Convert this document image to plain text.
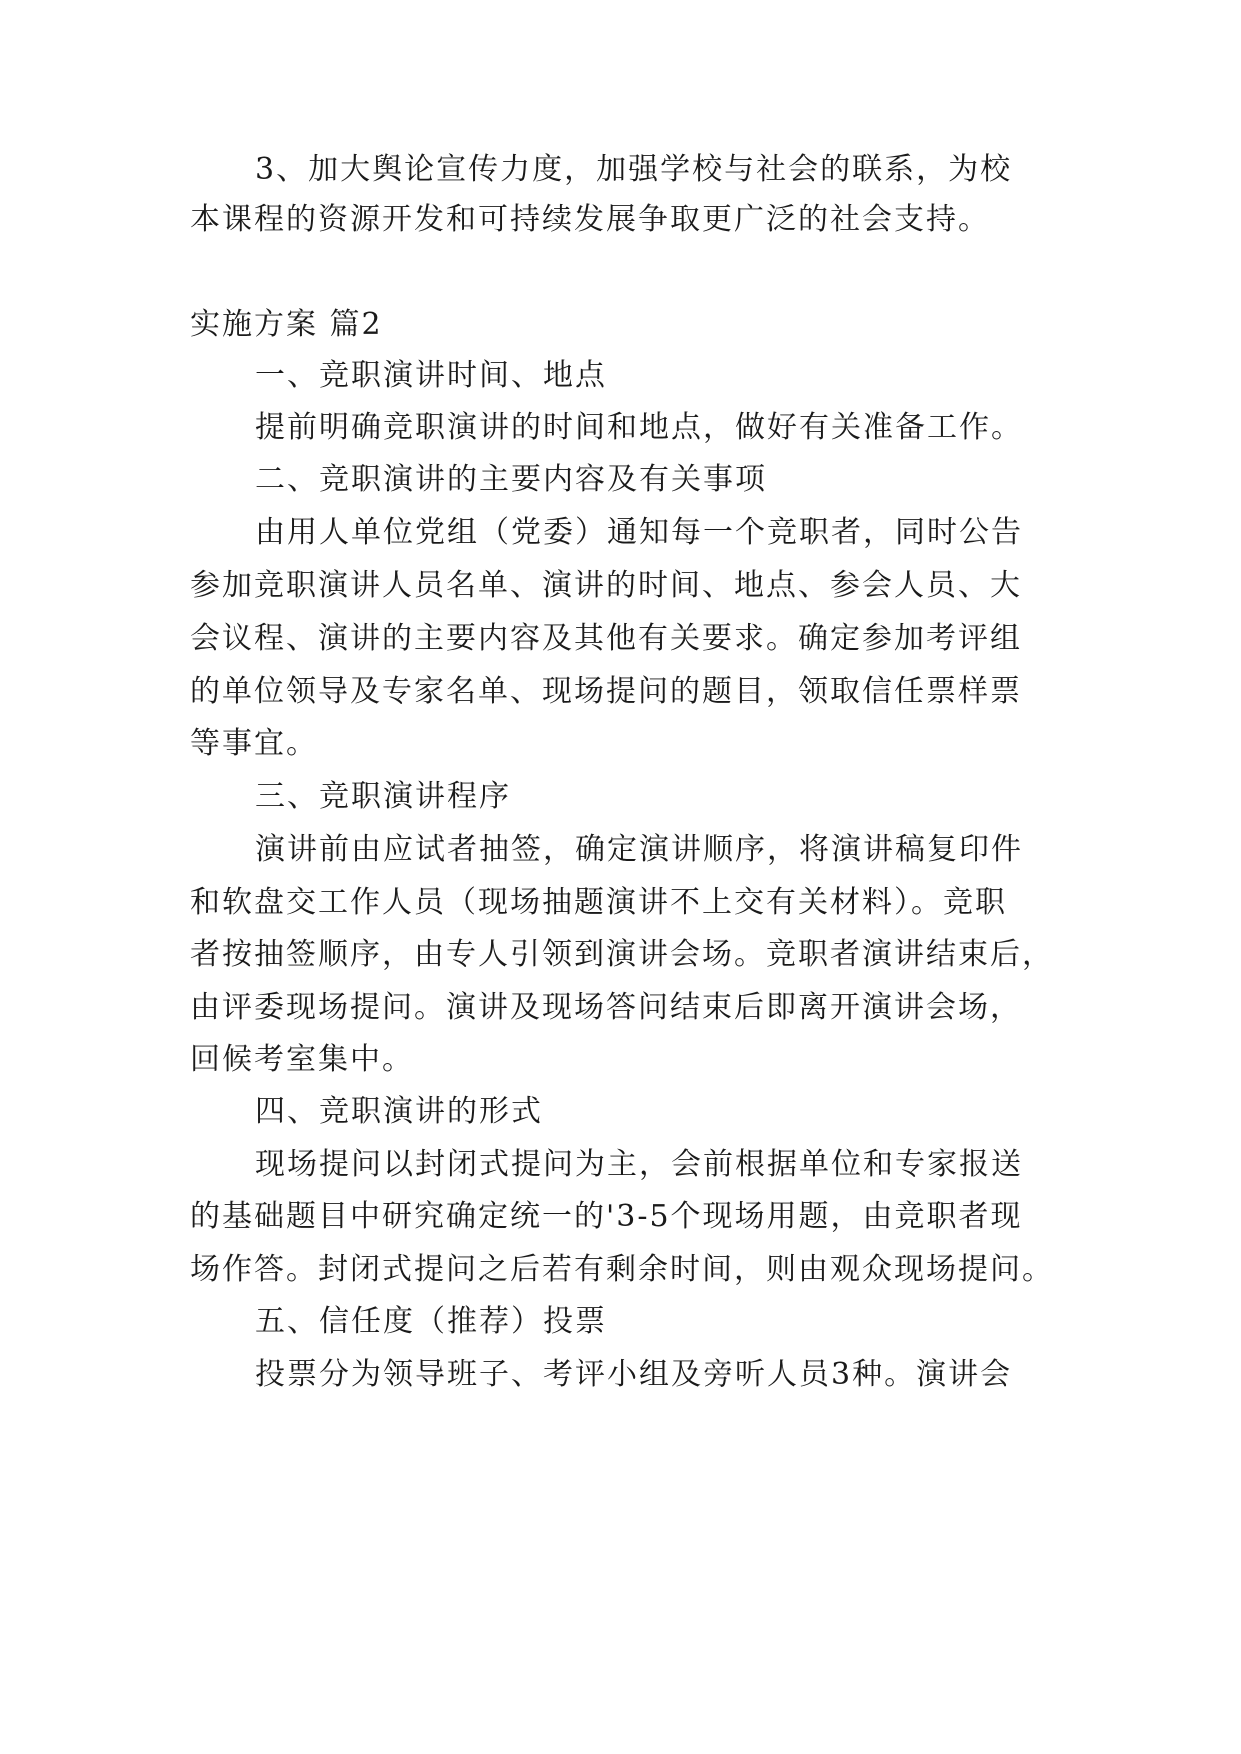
3、加大舆论宣传力度，加强学校与社会的联系，为校
本课程的资源开发和可持续发展争取更广泛的社会支持。
实施方案 篇2
一、竞职演讲时间、地点
提前明确竞职演讲的时间和地点，做好有关准备工作。
二、竞职演讲的主要内容及有关事项
由用人单位党组（党委）通知每一个竞职者，同时公告
参加竞职演讲人员名单、演讲的时间、地点、参会人员、大
会议程、演讲的主要内容及其他有关要求。确定参加考评组
的单位领导及专家名单、现场提问的题目，领取信任票样票
等事宜。
三、竞职演讲程序
演讲前由应试者抽签，确定演讲顺序，将演讲稿复印件
和软盘交工作人员（现场抽题演讲不上交有关材料）。竞职
者按抽签顺序，由专人引领到演讲会场。竞职者演讲结束后，
由评委现场提问。演讲及现场答问结束后即离开演讲会场，
回候考室集中。
四、竞职演讲的形式
现场提问以封闭式提问为主，会前根据单位和专家报送
的基础题目中研究确定统一的'3-5个现场用题，由竞职者现
场作答。封闭式提问之后若有剩余时间，则由观众现场提问。
五、信任度（推荐）投票
投票分为领导班子、考评小组及旁听人员3种。演讲会
